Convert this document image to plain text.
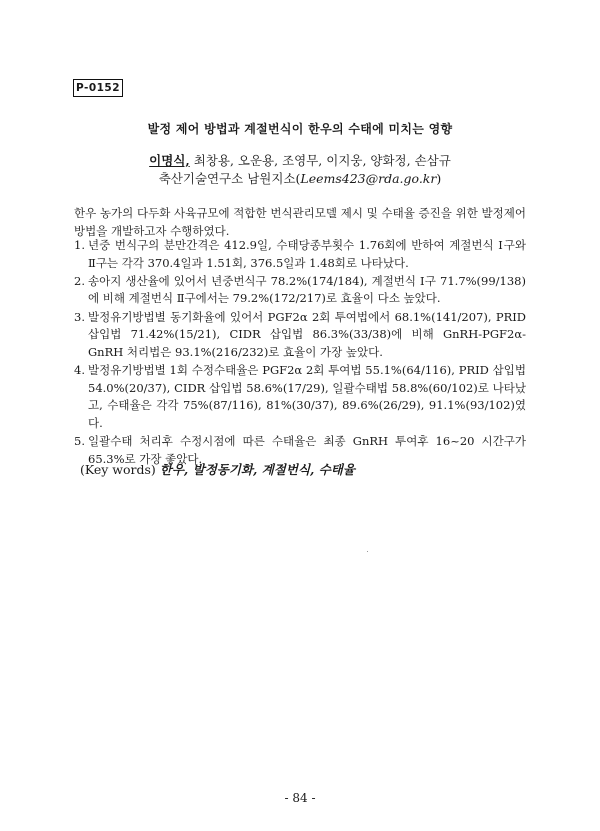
P-0152
발정 제어 방법과 계절번식이 한우의 수태에 미치는 영향
이명식, 최창용, 오운용, 조영무, 이지웅, 양화정, 손삼규
축산기술연구소 남원지소(Leems423@rda.go.kr)
한우 농가의 다두화 사육규모에 적합한 번식관리모델 제시 및 수태율 증진을 위한 발정제어 방법을 개발하고자 수행하였다.
1. 년중 번식구의 분만간격은 412.9일, 수태당종부횟수 1.76회에 반하여 계절번식 Ⅰ구와 Ⅱ구는 각각 370.4일과 1.51회, 376.5일과 1.48회로 나타났다.
2. 송아지 생산율에 있어서 년중번식구 78.2%(174/184), 계절번식 Ⅰ구 71.7%(99/138)에 비해 계절번식 Ⅱ구에서는 79.2%(172/217)로 효율이 다소 높았다.
3. 발정유기방법별 동기화율에 있어서 PGF2α 2회 투여법에서 68.1%(141/207), PRID 삽입법 71.42%(15/21), CIDR 삽입법 86.3%(33/38)에 비해 GnRH-PGF2α-GnRH 처리법은 93.1%(216/232)로 효율이 가장 높았다.
4. 발정유기방법별 1회 수정수태율은 PGF2α 2회 투여법 55.1%(64/116), PRID 삽입법 54.0%(20/37), CIDR 삽입법 58.6%(17/29), 일괄수태법 58.8%(60/102)로 나타났고, 수태율은 각각 75%(87/116), 81%(30/37), 89.6%(26/29), 91.1%(93/102)였다.
5. 일괄수태 처리후 수정시점에 따른 수태율은 최종 GnRH 투여후 16~20 시간구가 65.3%로 가장 좋았다.
(Key words) 한우, 발정동기화, 계절번식, 수태율
- 84 -
